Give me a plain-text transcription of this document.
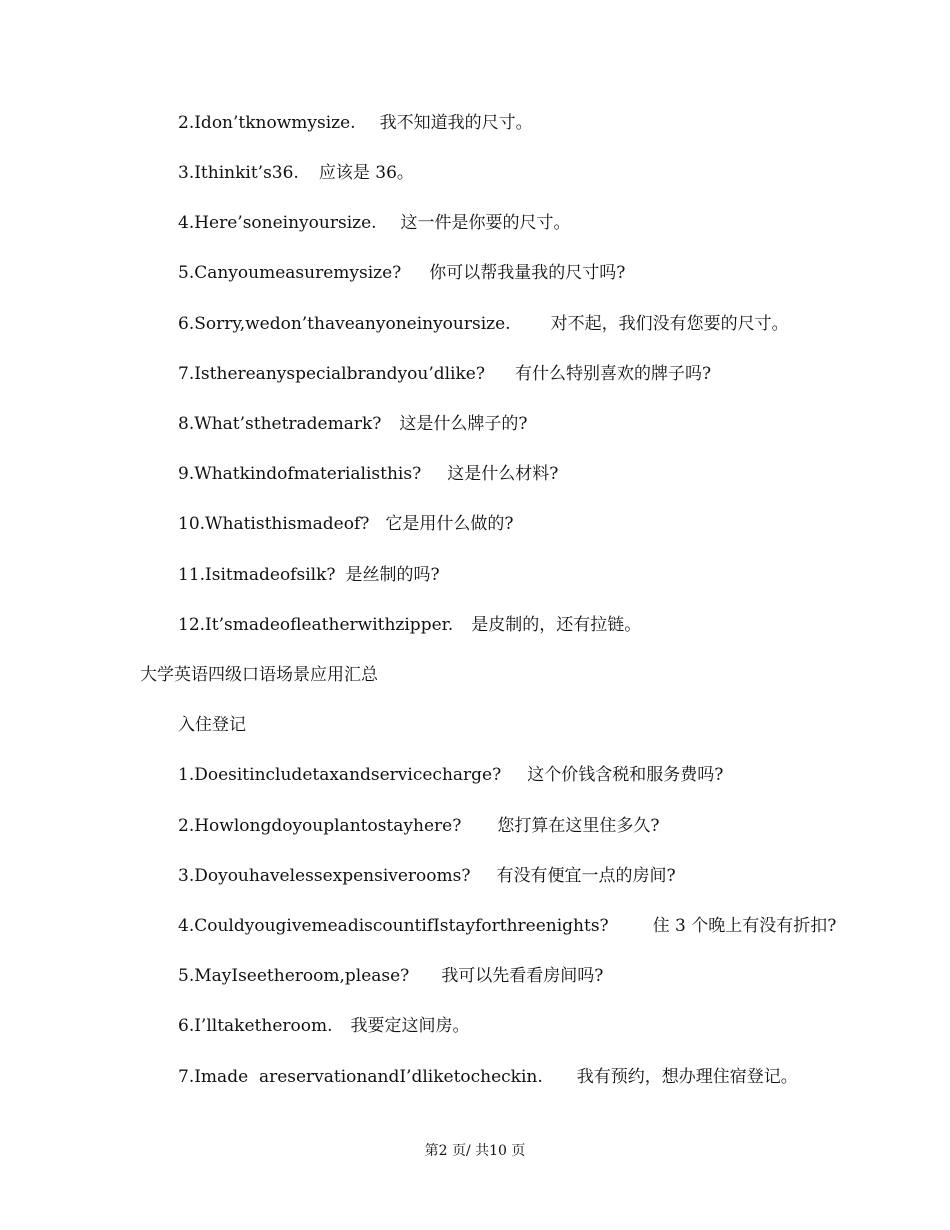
2.Idon’tknowmysize. 我不知道我的尺寸。
3.Ithinkit’s36. 应该是 36。
4.Here’soneinyoursize. 这一件是你要的尺寸。
5.Canyoumeasuremysize? 你可以帮我量我的尺寸吗?
6.Sorry,wedon’thaveanyoneinyoursize. 对不起，我们没有您要的尺寸。
7.Isthereanyspecialbrandyou’dlike? 有什么特别喜欢的牌子吗?
8.What’sthetrademark? 这是什么牌子的?
9.Whatkindofmaterialisthis? 这是什么材料?
10.Whatisthismadeof? 它是用什么做的?
11.Isitmadeofsilk? 是丝制的吗?
12.It’smadeofleatherwithzipper. 是皮制的，还有拉链。
大学英语四级口语场景应用汇总
入住登记
1.Doesitincludetaxandservicecharge? 这个价钱含税和服务费吗?
2.Howlongdoyouplantostayhere? 您打算在这里住多久?
3.Doyouhavelessexpensiverooms? 有没有便宜一点的房间?
4.CouldyougivemeadiscountifIstayforthreenights?	住 3 个晚上有没有折扣?
5.MayIseetheroom,please? 我可以先看看房间吗?
6.I’lltaketheroom. 我要定这间房。
7.Imade  areservationandI’dliketocheckin. 我有预约，想办理住宿登记。
第2 页/ 共10 页
